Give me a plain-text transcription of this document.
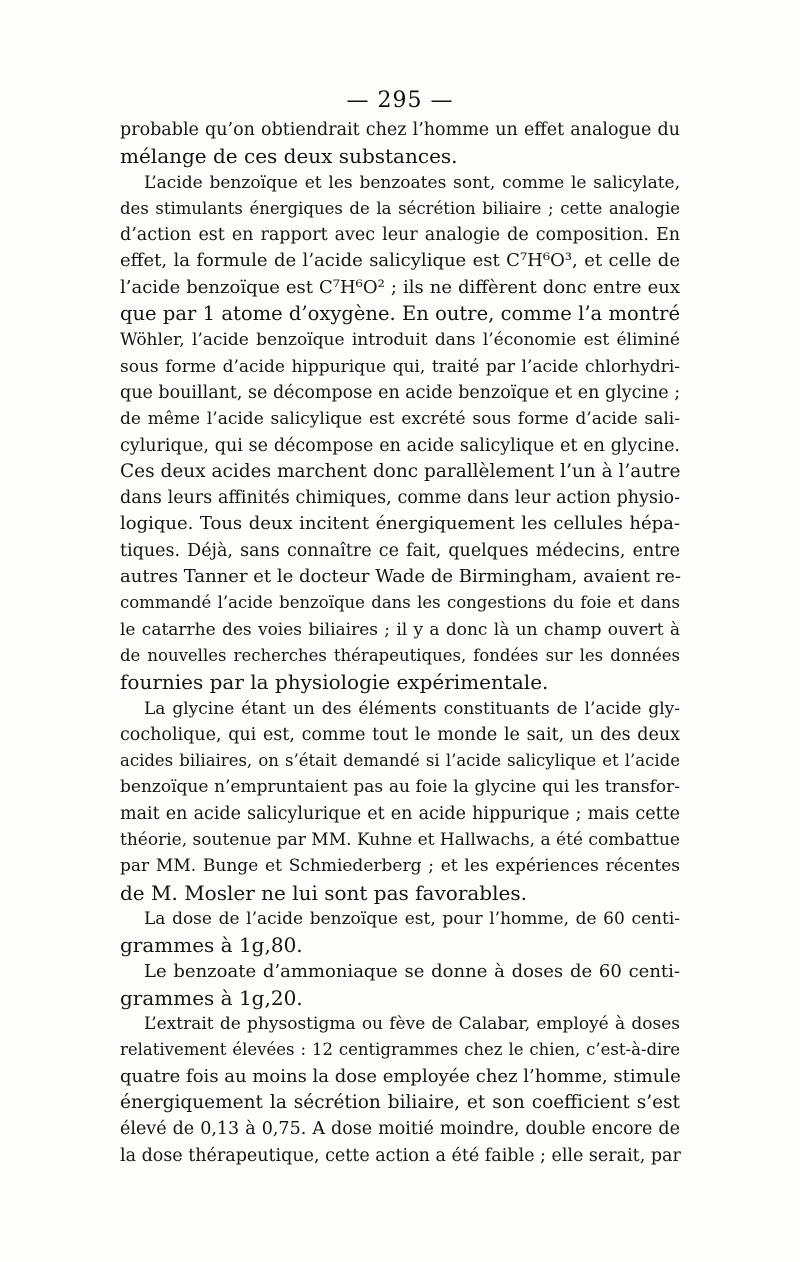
— 295 —
probable qu’on obtiendrait chez l’homme un effet analogue du
mélange de ces deux substances.
L’acide benzoïque et les benzoates sont, comme le salicylate,
des stimulants énergiques de la sécrétion biliaire ; cette analogie
d’action est en rapport avec leur analogie de composition. En
effet, la formule de l’acide salicylique est C⁷H⁶O³, et celle de
l’acide benzoïque est C⁷H⁶O² ; ils ne diffèrent donc entre eux
que par 1 atome d’oxygène. En outre, comme l’a montré
Wöhler, l’acide benzoïque introduit dans l’économie est éliminé
sous forme d’acide hippurique qui, traité par l’acide chlorhydri-
que bouillant, se décompose en acide benzoïque et en glycine ;
de même l’acide salicylique est excrété sous forme d’acide sali-
cylurique, qui se décompose en acide salicylique et en glycine.
Ces deux acides marchent donc parallèlement l’un à l’autre
dans leurs affinités chimiques, comme dans leur action physio-
logique. Tous deux incitent énergiquement les cellules hépa-
tiques. Déjà, sans connaître ce fait, quelques médecins, entre
autres Tanner et le docteur Wade de Birmingham, avaient re-
commandé l’acide benzoïque dans les congestions du foie et dans
le catarrhe des voies biliaires ; il y a donc là un champ ouvert à
de nouvelles recherches thérapeutiques, fondées sur les données
fournies par la physiologie expérimentale.
La glycine étant un des éléments constituants de l’acide gly-
cocholique, qui est, comme tout le monde le sait, un des deux
acides biliaires, on s’était demandé si l’acide salicylique et l’acide
benzoïque n’empruntaient pas au foie la glycine qui les transfor-
mait en acide salicylurique et en acide hippurique ; mais cette
théorie, soutenue par MM. Kuhne et Hallwachs, a été combattue
par MM. Bunge et Schmiederberg ; et les expériences récentes
de M. Mosler ne lui sont pas favorables.
La dose de l’acide benzoïque est, pour l’homme, de 60 centi-
grammes à 1g,80.
Le benzoate d’ammoniaque se donne à doses de 60 centi-
grammes à 1g,20.
L’extrait de physostigma ou fève de Calabar, employé à doses
relativement élevées : 12 centigrammes chez le chien, c’est-à-dire
quatre fois au moins la dose employée chez l’homme, stimule
énergiquement la sécrétion biliaire, et son coefficient s’est
élevé de 0,13 à 0,75. A dose moitié moindre, double encore de
la dose thérapeutique, cette action a été faible ; elle serait, par
